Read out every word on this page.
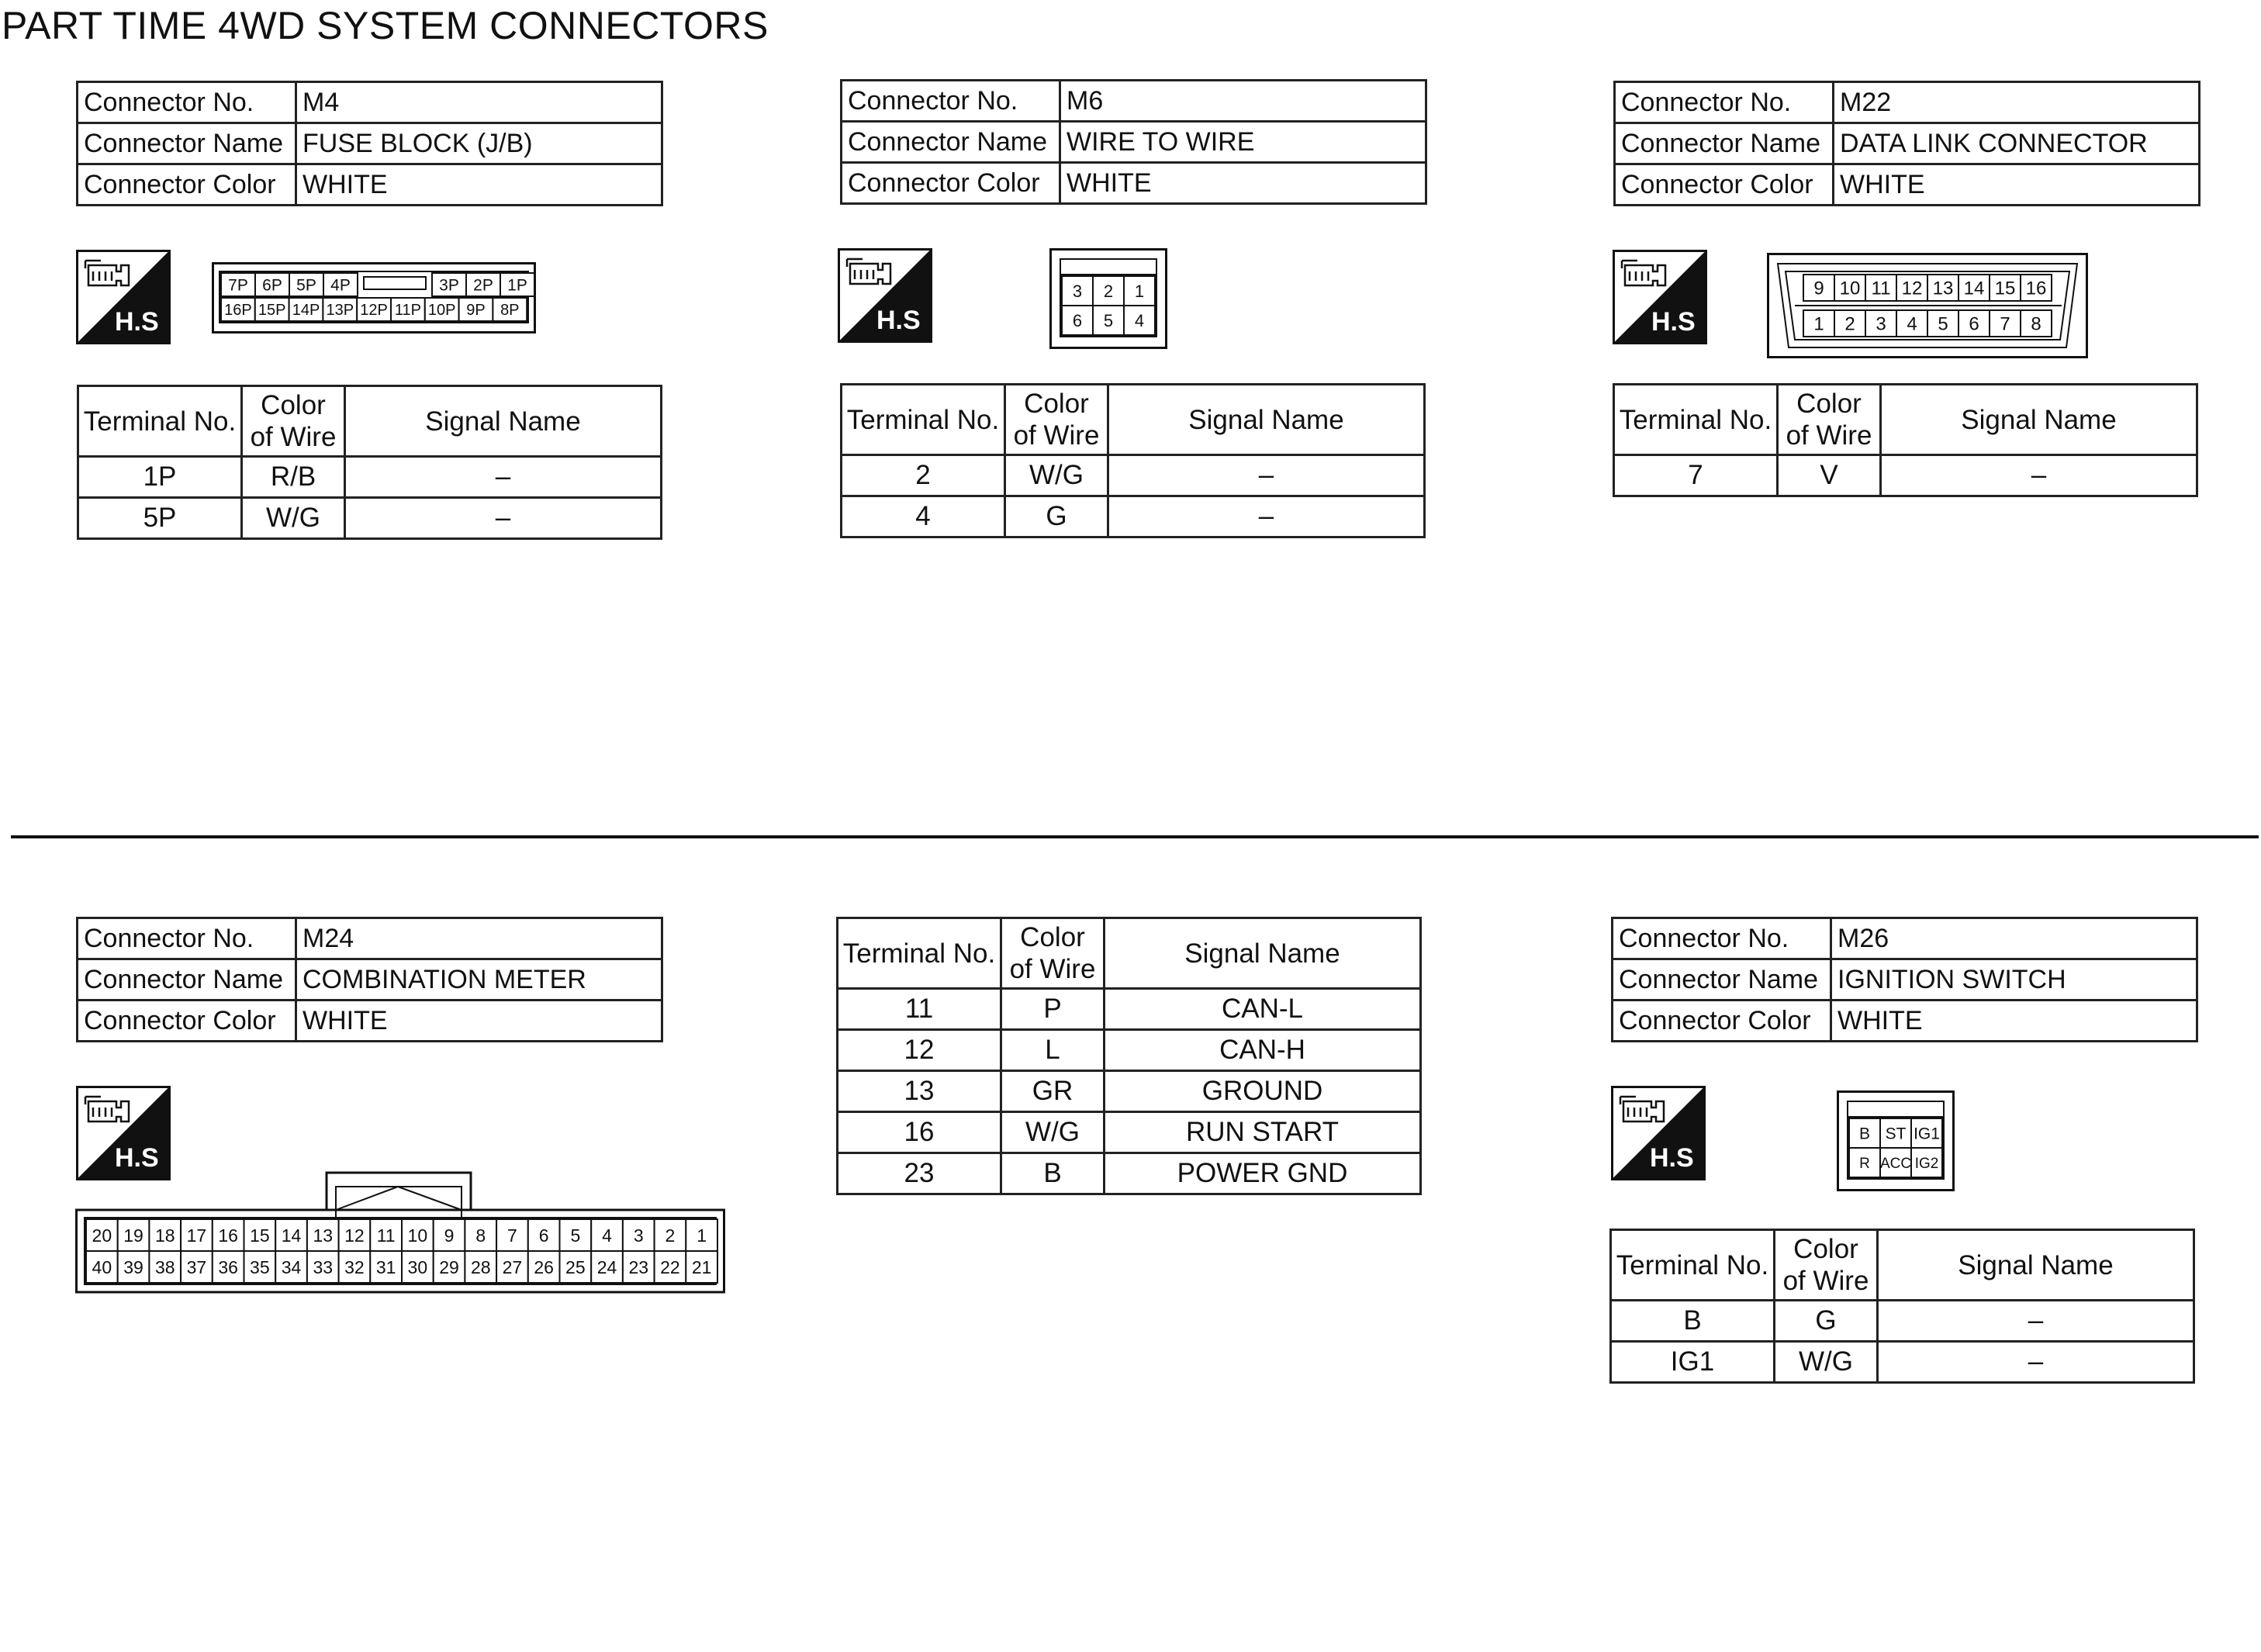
PART TIME 4WD SYSTEM CONNECTORS
Connector No.	M4
Connector Name	FUSE BLOCK (J/B)
Connector Color	WHITE
H.S
7P 6P 5P 4P	3P 2P 1P
16P 15P 14P 13P 12P 11P 10P 9P 8P
Terminal No.	Color of Wire	Signal Name
1P	R/B	–
5P	W/G	–
Connector No.	M6
Connector Name	WIRE TO WIRE
Connector Color	WHITE
H.S
3 2 1
6 5 4
Terminal No.	Color of Wire	Signal Name
2	W/G	–
4	G	–
Connector No.	M22
Connector Name	DATA LINK CONNECTOR
Connector Color	WHITE
H.S
9 10 11 12 13 14 15 16
1 2 3 4 5 6 7 8
Terminal No.	Color of Wire	Signal Name
7	V	–
Connector No.	M24
Connector Name	COMBINATION METER
Connector Color	WHITE
H.S
20 19 18 17 16 15 14 13 12 11 10 9 8 7 6 5 4 3 2 1
40 39 38 37 36 35 34 33 32 31 30 29 28 27 26 25 24 23 22 21
Terminal No.	Color of Wire	Signal Name
11	P	CAN-L
12	L	CAN-H
13	GR	GROUND
16	W/G	RUN START
23	B	POWER GND
Connector No.	M26
Connector Name	IGNITION SWITCH
Connector Color	WHITE
H.S
B ST IG1
R ACC IG2
Terminal No.	Color of Wire	Signal Name
B	G	–
IG1	W/G	–
